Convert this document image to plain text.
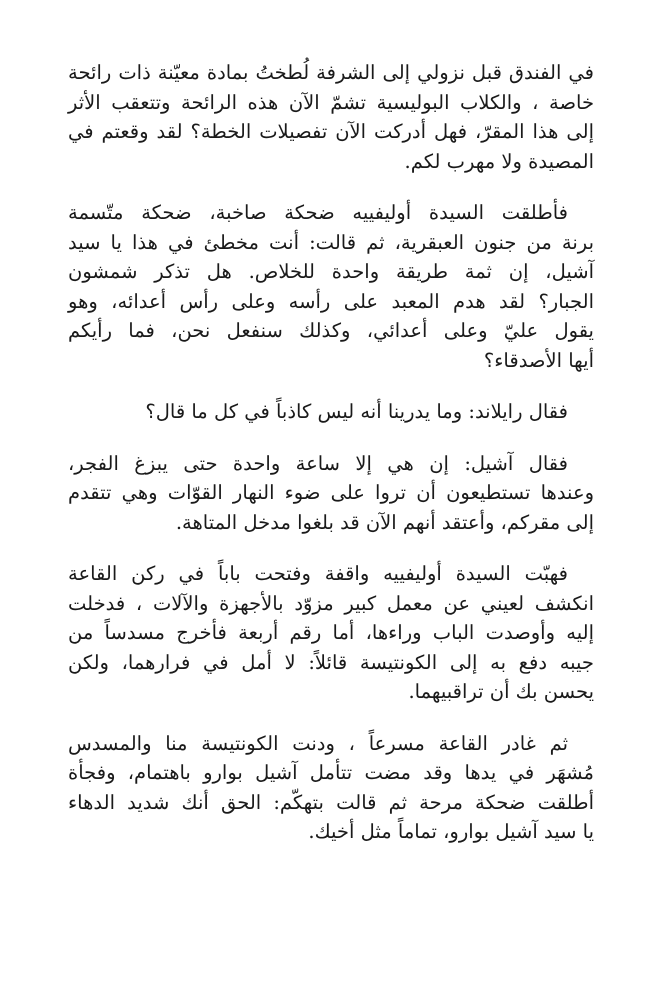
في الفندق قبل نزولي إلى الشرفة لُطختُ بمادة معيّنة ذات رائحة
خاصة ، والكلاب البوليسية تشمّ الآن هذه الرائحة وتتعقب الأثر
إلى هذا المقرّ، فهل أدركت الآن تفصيلات الخطة؟ لقد وقعتم في
المصيدة ولا مهرب لكم.

فأطلقت السيدة أوليفييه ضحكة صاخبة، ضحكة متّسمة
برنة من جنون العبقرية، ثم قالت: أنت مخطئ في هذا يا سيد
آشيل، إن ثمة طريقة واحدة للخلاص. هل تذكر شمشون
الجبار؟ لقد هدم المعبد على رأسه وعلى رأس أعدائه، وهو
يقول عليّ وعلى أعدائي، وكذلك سنفعل نحن، فما رأيكم
أيها الأصدقاء؟

فقال رايلاند: وما يدرينا أنه ليس كاذباً في كل ما قال؟

فقال آشيل: إن هي إلا ساعة واحدة حتى يبزغ الفجر،
وعندها تستطيعون أن تروا على ضوء النهار القوّات وهي تتقدم
إلى مقركم، وأعتقد أنهم الآن قد بلغوا مدخل المتاهة.

فهبّت السيدة أوليفييه واقفة وفتحت باباً في ركن القاعة
انكشف لعيني عن معمل كبير مزوّد بالأجهزة والآلات ، فدخلت
إليه وأوصدت الباب وراءها، أما رقم أربعة فأخرج مسدساً من
جيبه دفع به إلى الكونتيسة قائلاً: لا أمل في فرارهما، ولكن
يحسن بك أن تراقبيهما.

ثم غادر القاعة مسرعاً ، ودنت الكونتيسة منا والمسدس
مُشهَر في يدها وقد مضت تتأمل آشيل بوارو باهتمام، وفجأة
أطلقت ضحكة مرحة ثم قالت بتهكّم: الحق أنك شديد الدهاء
يا سيد آشيل بوارو، تماماً مثل أخيك.
